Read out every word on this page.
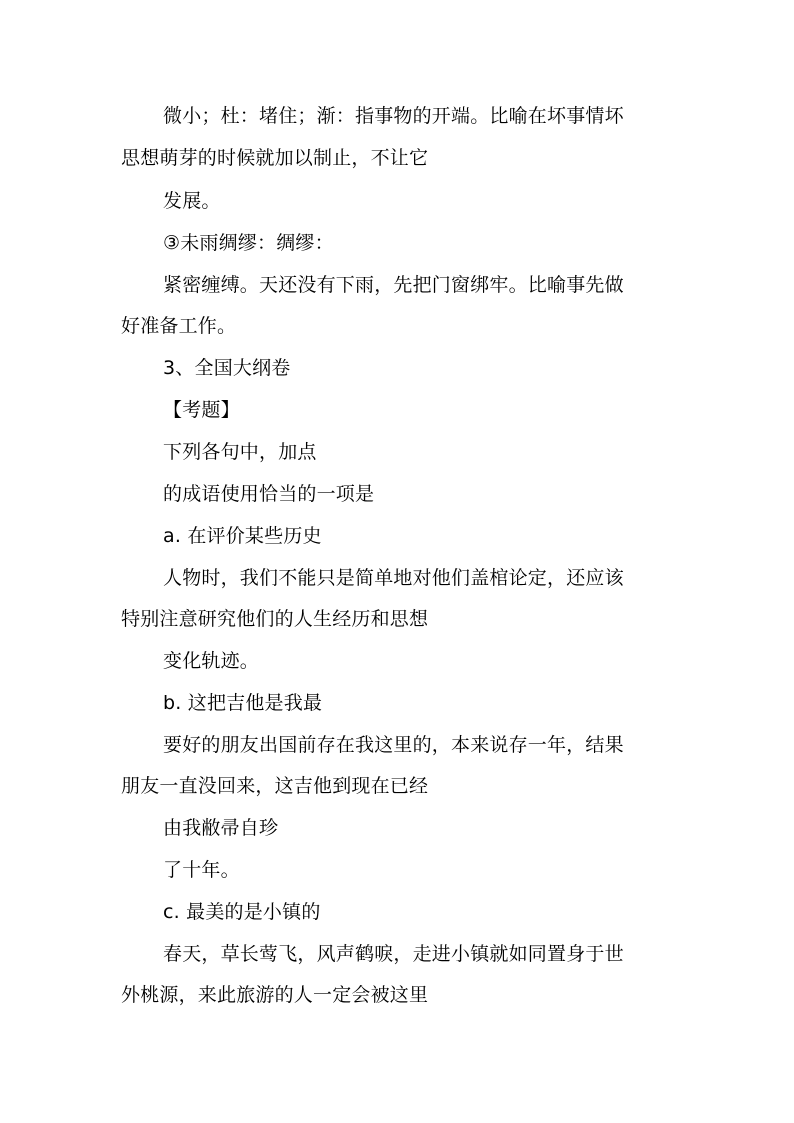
微小；杜：堵住；渐：指事物的开端。比喻在坏事情坏

思想萌芽的时候就加以制止，不让它

发展。

③未雨绸缪：绸缪：

紧密缠缚。天还没有下雨，先把门窗绑牢。比喻事先做

好准备工作。

3、全国大纲卷

【考题】

下列各句中，加点

的成语使用恰当的一项是

a. 在评价某些历史

人物时，我们不能只是简单地对他们盖棺论定，还应该

特别注意研究他们的人生经历和思想

变化轨迹。

b. 这把吉他是我最

要好的朋友出国前存在我这里的，本来说存一年，结果

朋友一直没回来，这吉他到现在已经

由我敝帚自珍

了十年。

c. 最美的是小镇的

春天，草长莺飞，风声鹤唳，走进小镇就如同置身于世

外桃源，来此旅游的人一定会被这里
